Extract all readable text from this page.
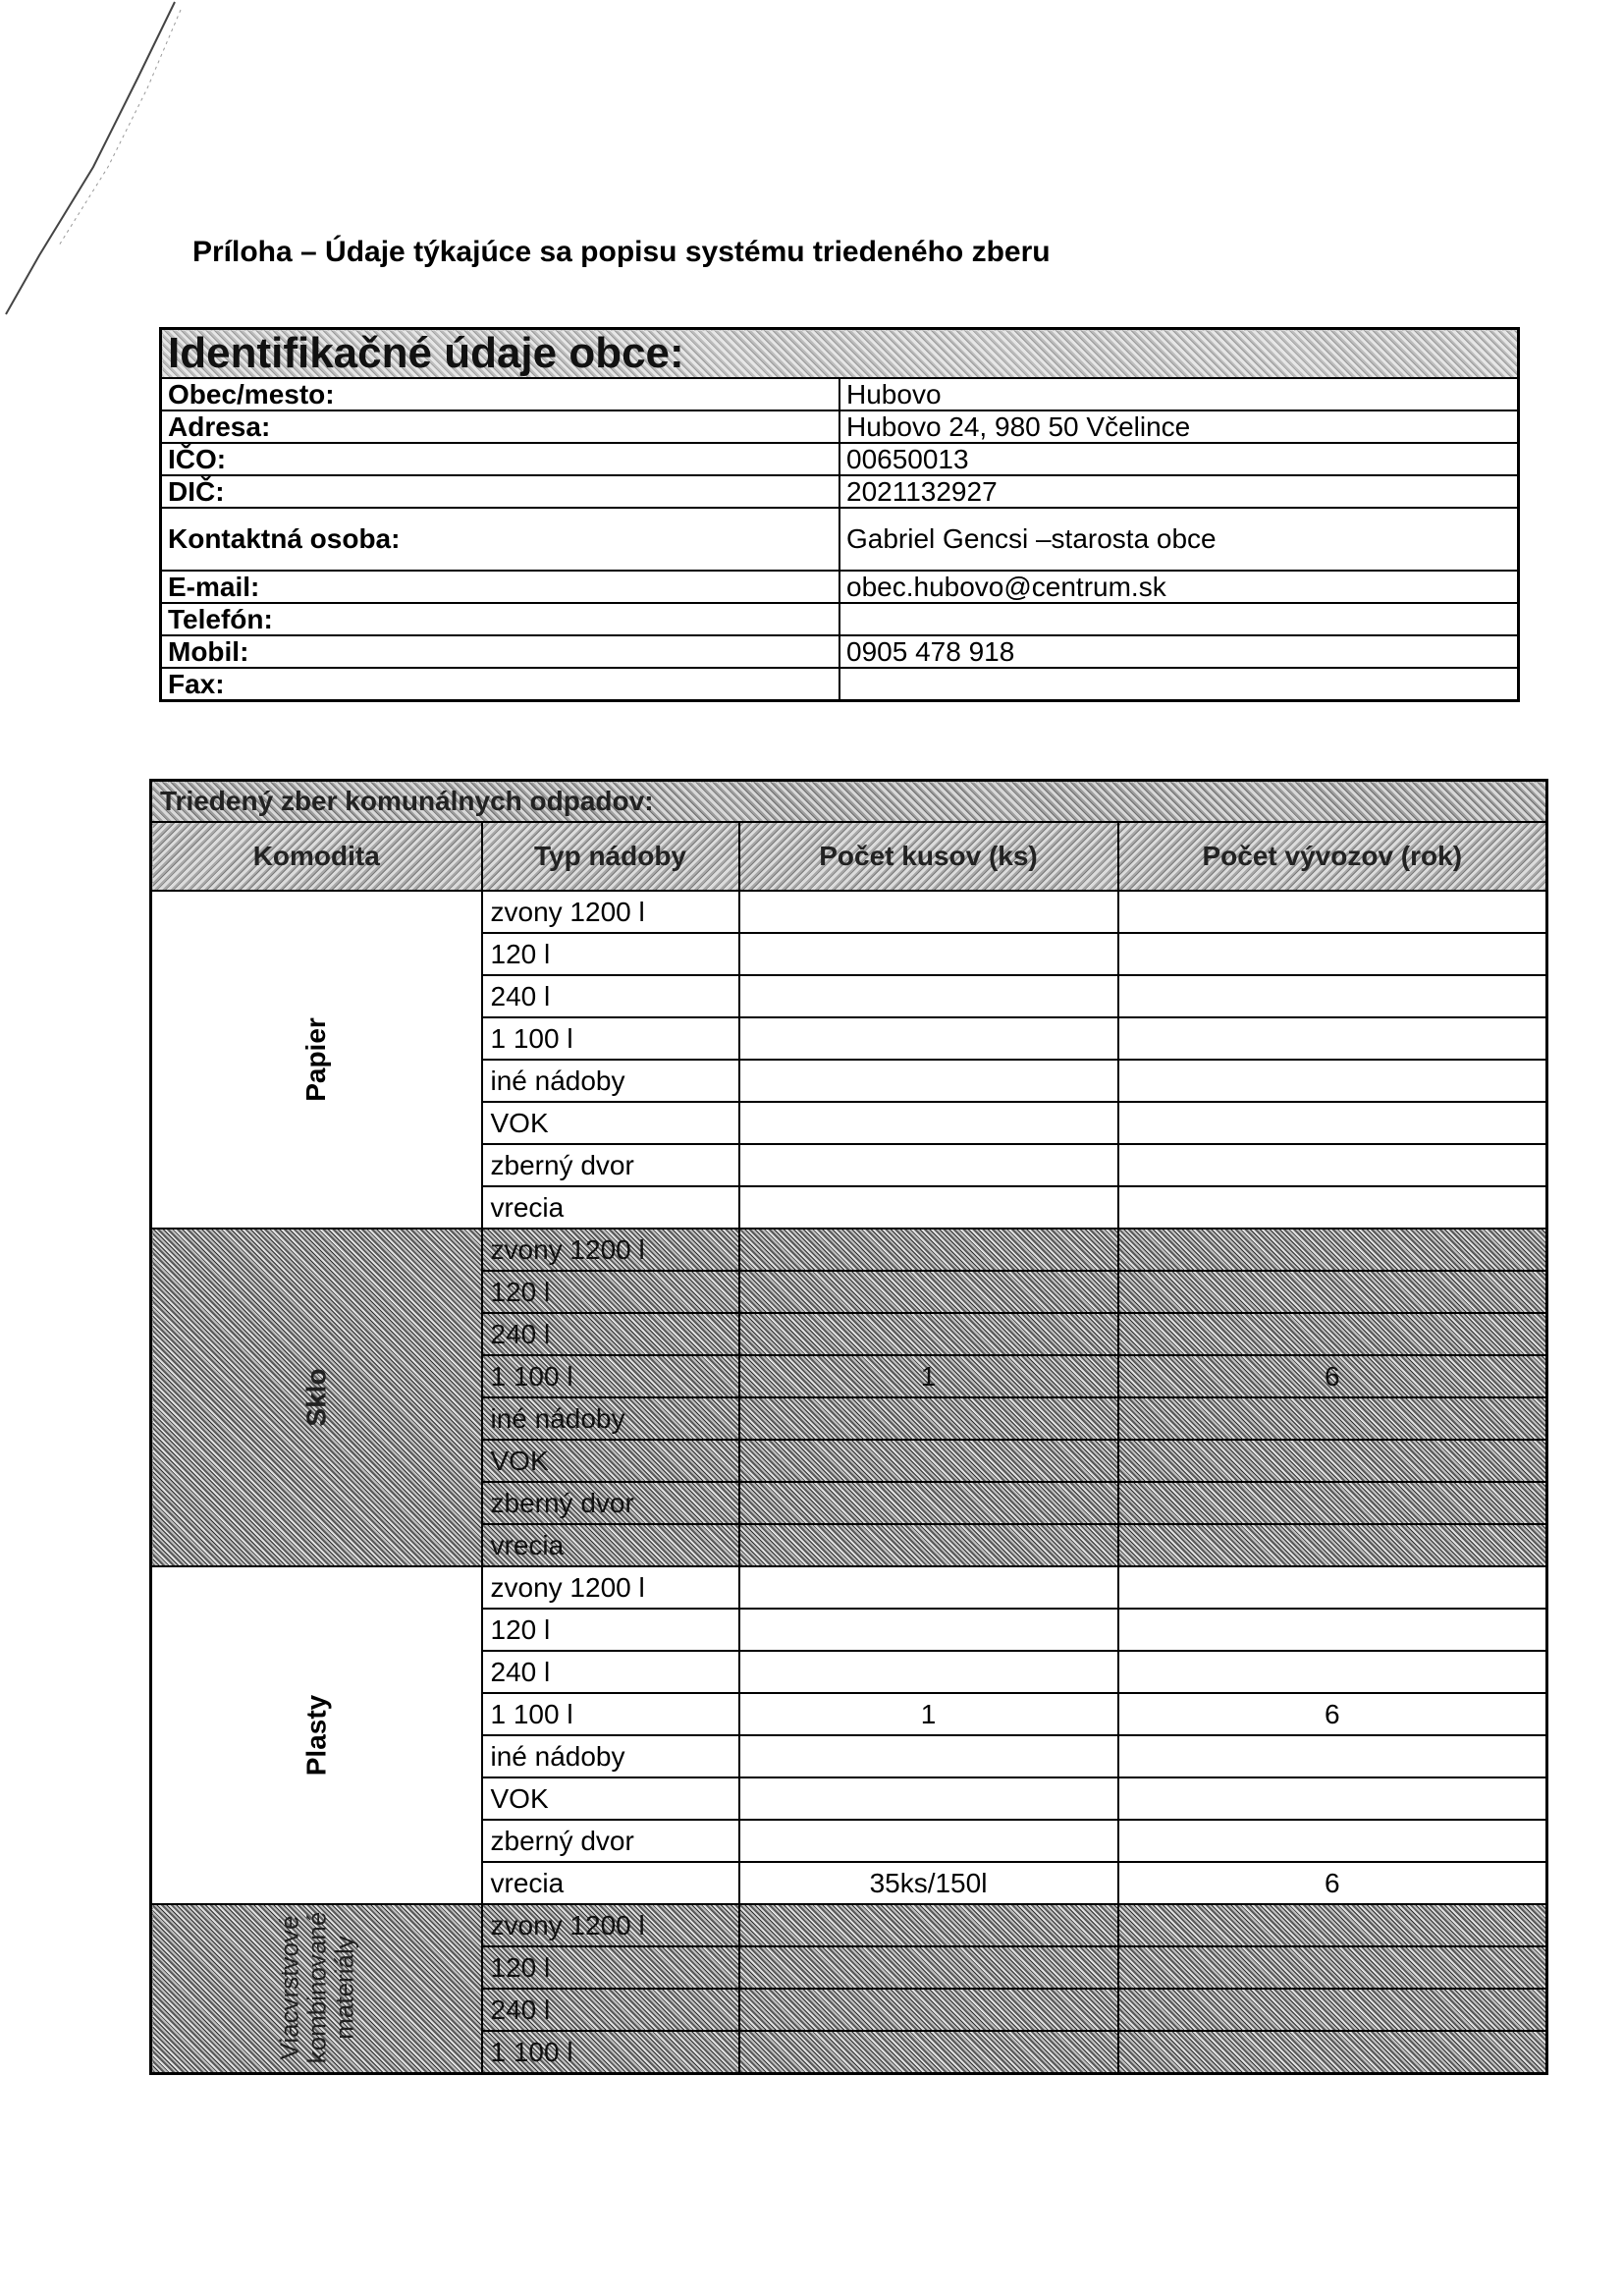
Príloha – Údaje týkajúce sa popisu systému triedeného zberu
Identifikačné údaje obce:	
Obec/mesto:	Hubovo
Adresa:	Hubovo 24, 980 50 Včelince
IČO:	00650013
DIČ:	2021132927
Kontaktná osoba:	Gabriel Gencsi –starosta obce
E-mail:	obec.hubovo@centrum.sk
Telefón:	
Mobil:	0905 478 918
Fax:	
Triedený zber komunálnych odpadov:			
Komodita	Typ nádoby	Počet kusov (ks)	Počet vývozov (rok)
Papier	zvony 1200 l		
	120 l		
	240 l		
	1 100 l		
	iné nádoby		
	VOK		
	zberný dvor		
	vrecia		
Sklo	zvony 1200 l		
	120 l		
	240 l		
	1 100 l	1	6
	iné nádoby		
	VOK		
	zberný dvor		
	vrecia		
Plasty	zvony 1200 l		
	120 l		
	240 l		
	1 100 l	1	6
	iné nádoby		
	VOK		
	zberný dvor		
	vrecia	35ks/150l	6
Viacvrstvové
kombinované
materiály	zvony 1200 l		
	120 l		
	240 l		
	1 100 l		
